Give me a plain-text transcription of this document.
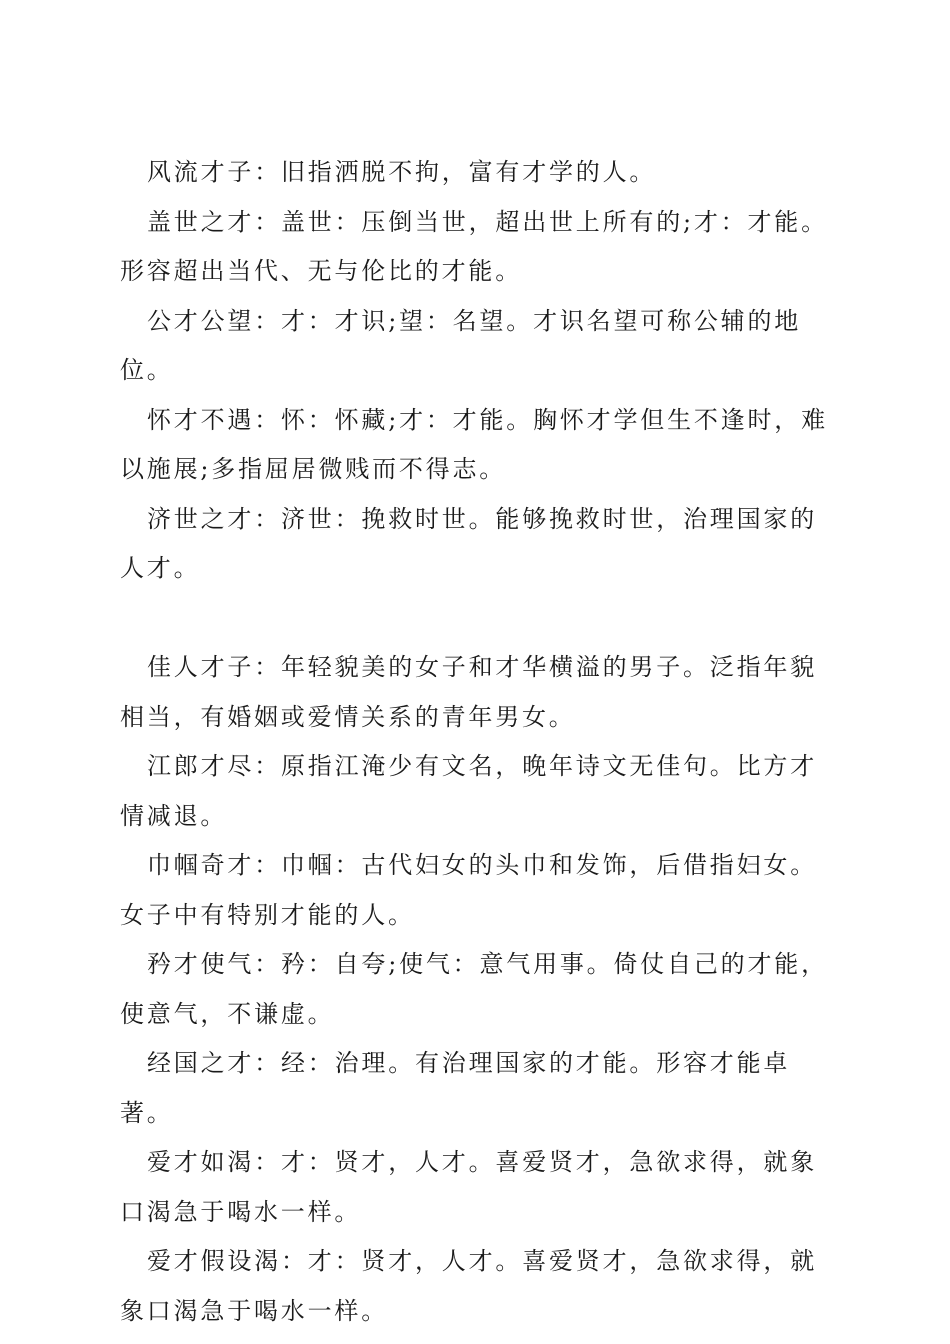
风流才子：旧指洒脱不拘，富有才学的人。

盖世之才：盖世：压倒当世，超出世上所有的;才：才能。形容超出当代、无与伦比的才能。

公才公望：才：才识;望：名望。才识名望可称公辅的地位。

怀才不遇：怀：怀藏;才：才能。胸怀才学但生不逢时，难以施展;多指屈居微贱而不得志。

济世之才：济世：挽救时世。能够挽救时世，治理国家的人才。

佳人才子：年轻貌美的女子和才华横溢的男子。泛指年貌相当，有婚姻或爱情关系的青年男女。

江郎才尽：原指江淹少有文名，晚年诗文无佳句。比方才情减退。

巾帼奇才：巾帼：古代妇女的头巾和发饰，后借指妇女。女子中有特别才能的人。

矜才使气：矜：自夸;使气：意气用事。倚仗自己的才能，使意气，不谦虚。

经国之才：经：治理。有治理国家的才能。形容才能卓著。

爱才如渴：才：贤才，人才。喜爱贤才，急欲求得，就象口渴急于喝水一样。

爱才假设渴：才：贤才，人才。喜爱贤才，急欲求得，就象口渴急于喝水一样。
